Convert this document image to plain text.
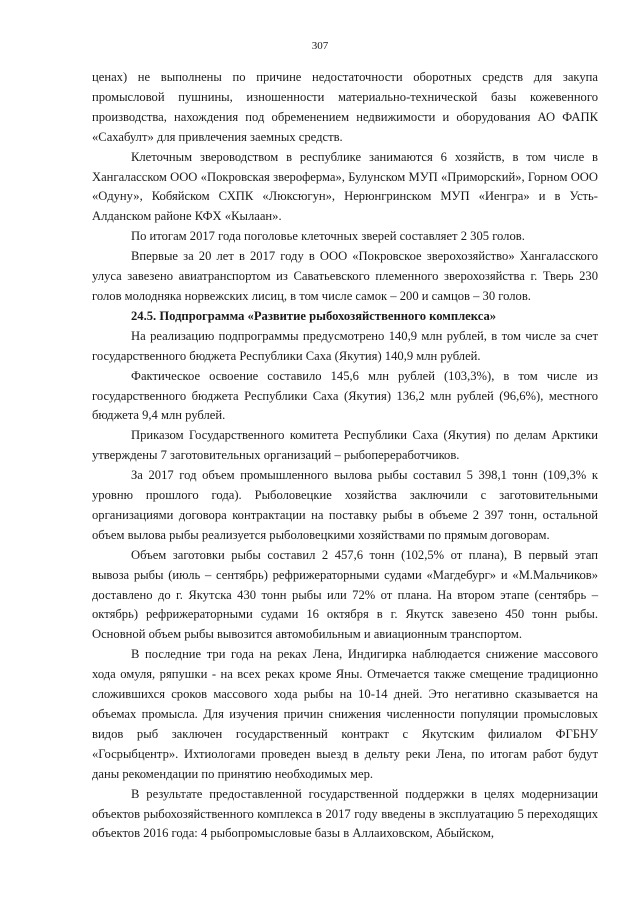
307

ценах) не выполнены по причине недостаточности оборотных средств для закупа промысловой пушнины, изношенности материально-технической базы кожевенного производства, нахождения под обременением недвижимости и оборудования АО ФАПК «Сахабулт» для привлечения заемных средств.

Клеточным звероводством в республике занимаются 6 хозяйств, в том числе в Хангаласском ООО «Покровская звероферма», Булунском МУП «Приморский», Горном ООО «Одуну», Кобяйском СХПК «Люксюгун», Нерюнгринском МУП «Иенгра» и в Усть-Алданском районе КФХ «Кылаан».

По итогам 2017 года поголовье клеточных зверей составляет 2 305 голов.

Впервые за 20 лет в 2017 году в ООО «Покровское зверохозяйство» Хангаласского улуса завезено авиатранспортом из Саватьевского племенного зверохозяйства г. Тверь 230 голов молодняка норвежских лисиц, в том числе самок – 200 и самцов – 30 голов.

24.5. Подпрограмма «Развитие рыбохозяйственного комплекса»

На реализацию подпрограммы предусмотрено 140,9 млн рублей, в том числе за счет государственного бюджета Республики Саха (Якутия) 140,9 млн рублей.

Фактическое освоение составило 145,6 млн рублей (103,3%), в том числе из государственного бюджета Республики Саха (Якутия) 136,2 млн рублей (96,6%), местного бюджета 9,4 млн рублей.

Приказом Государственного комитета Республики Саха (Якутия) по делам Арктики утверждены 7 заготовительных организаций – рыбопереработчиков.

За 2017 год объем промышленного вылова рыбы составил 5 398,1 тонн (109,3% к уровню прошлого года). Рыболовецкие хозяйства заключили с заготовительными организациями договора контрактации на поставку рыбы в объеме 2 397 тонн, остальной объем вылова рыбы реализуется рыболовецкими хозяйствами по прямым договорам.

Объем заготовки рыбы составил 2 457,6 тонн (102,5% от плана), В первый этап вывоза рыбы (июль – сентябрь) рефрижераторными судами «Магдебург» и «М.Мальчиков» доставлено до г. Якутска 430 тонн рыбы или 72% от плана. На втором этапе (сентябрь – октябрь) рефрижераторными судами 16 октября в г. Якутск завезено 450 тонн рыбы. Основной объем рыбы вывозится автомобильным и авиационным транспортом.

В последние три года на реках Лена, Индигирка наблюдается снижение массового хода омуля, ряпушки - на всех реках кроме Яны. Отмечается также смещение традиционно сложившихся сроков массового хода рыбы на 10-14 дней. Это негативно сказывается на объемах промысла. Для изучения причин снижения численности популяции промысловых видов рыб заключен государственный контракт с Якутским филиалом ФГБНУ «Госрыбцентр». Ихтиологами проведен выезд в дельту реки Лена, по итогам работ будут даны рекомендации по принятию необходимых мер.

В результате предоставленной государственной поддержки в целях модернизации объектов рыбохозяйственного комплекса в 2017 году введены в эксплуатацию 5 переходящих объектов 2016 года: 4 рыбопромысловые базы в Аллаиховском, Абыйском,
